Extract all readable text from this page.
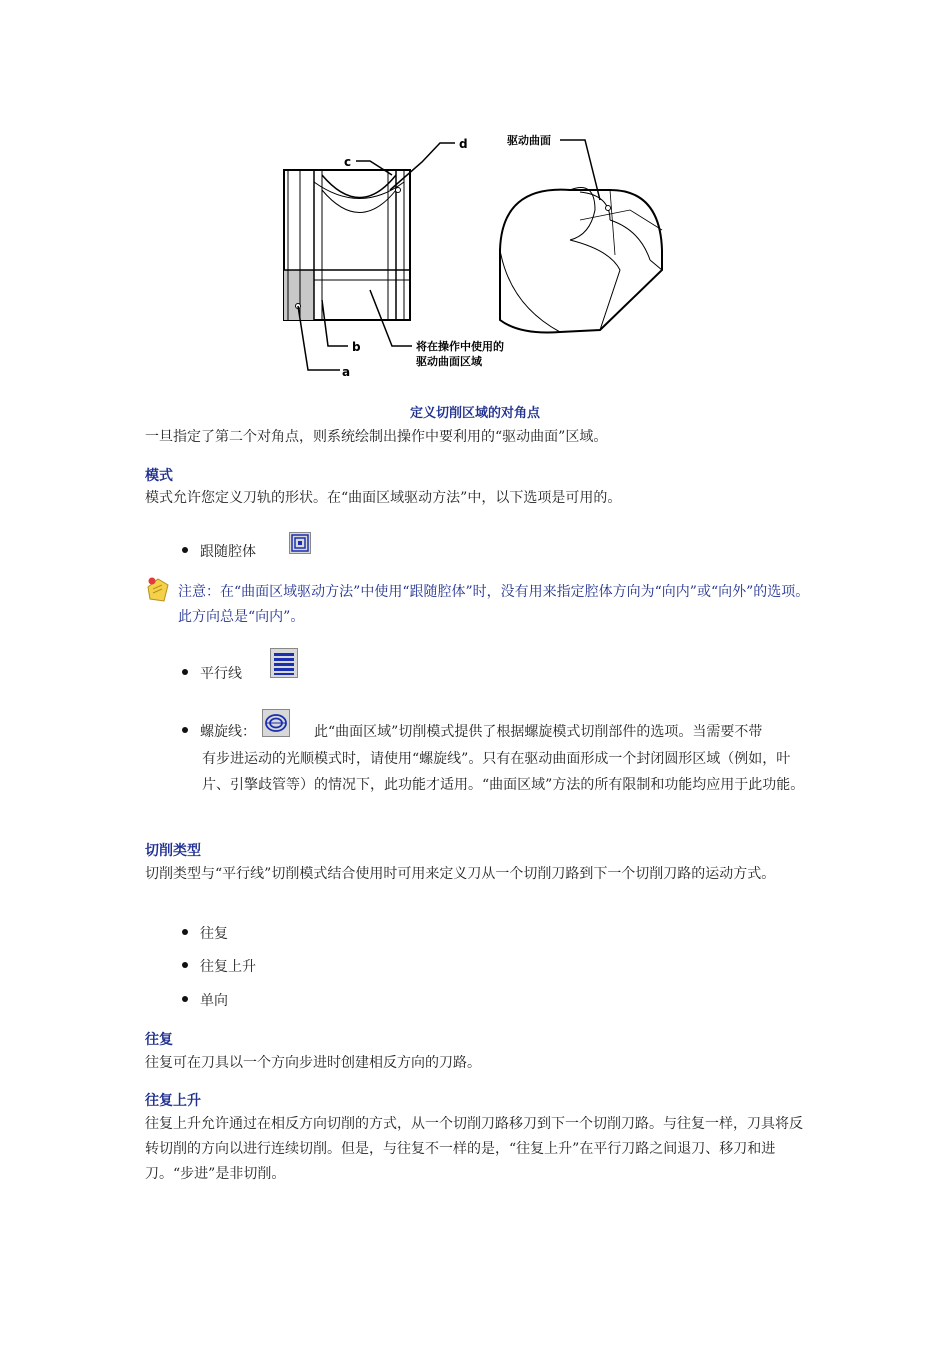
d
c
b
a
驱动曲面
将在操作中使用的
驱动曲面区域
定义切削区域的对角点
一旦指定了第二个对角点，则系统绘制出操作中要利用的“驱动曲面”区域。
模式
模式允许您定义刀轨的形状。在“曲面区域驱动方法”中，以下选项是可用的。
跟随腔体
注意：在“曲面区域驱动方法”中使用“跟随腔体”时，没有用来指定腔体方向为“向内”或“向外”的选项。此方向总是“向内”。
平行线
螺旋线：	此“曲面区域”切削模式提供了根据螺旋模式切削部件的选项。当需要不带
有步进运动的光顺模式时，请使用“螺旋线”。只有在驱动曲面形成一个封闭圆形区域（例如，叶片、引擎歧管等）的情况下，此功能才适用。“曲面区域”方法的所有限制和功能均应用于此功能。
切削类型
切削类型与“平行线”切削模式结合使用时可用来定义刀从一个切削刀路到下一个切削刀路的运动方式。
往复
往复上升
单向
往复
往复可在刀具以一个方向步进时创建相反方向的刀路。
往复上升
往复上升允许通过在相反方向切削的方式，从一个切削刀路移刀到下一个切削刀路。与往复一样，刀具将反转切削的方向以进行连续切削。但是，与往复不一样的是，“往复上升”在平行刀路之间退刀、移刀和进刀。“步进”是非切削。
